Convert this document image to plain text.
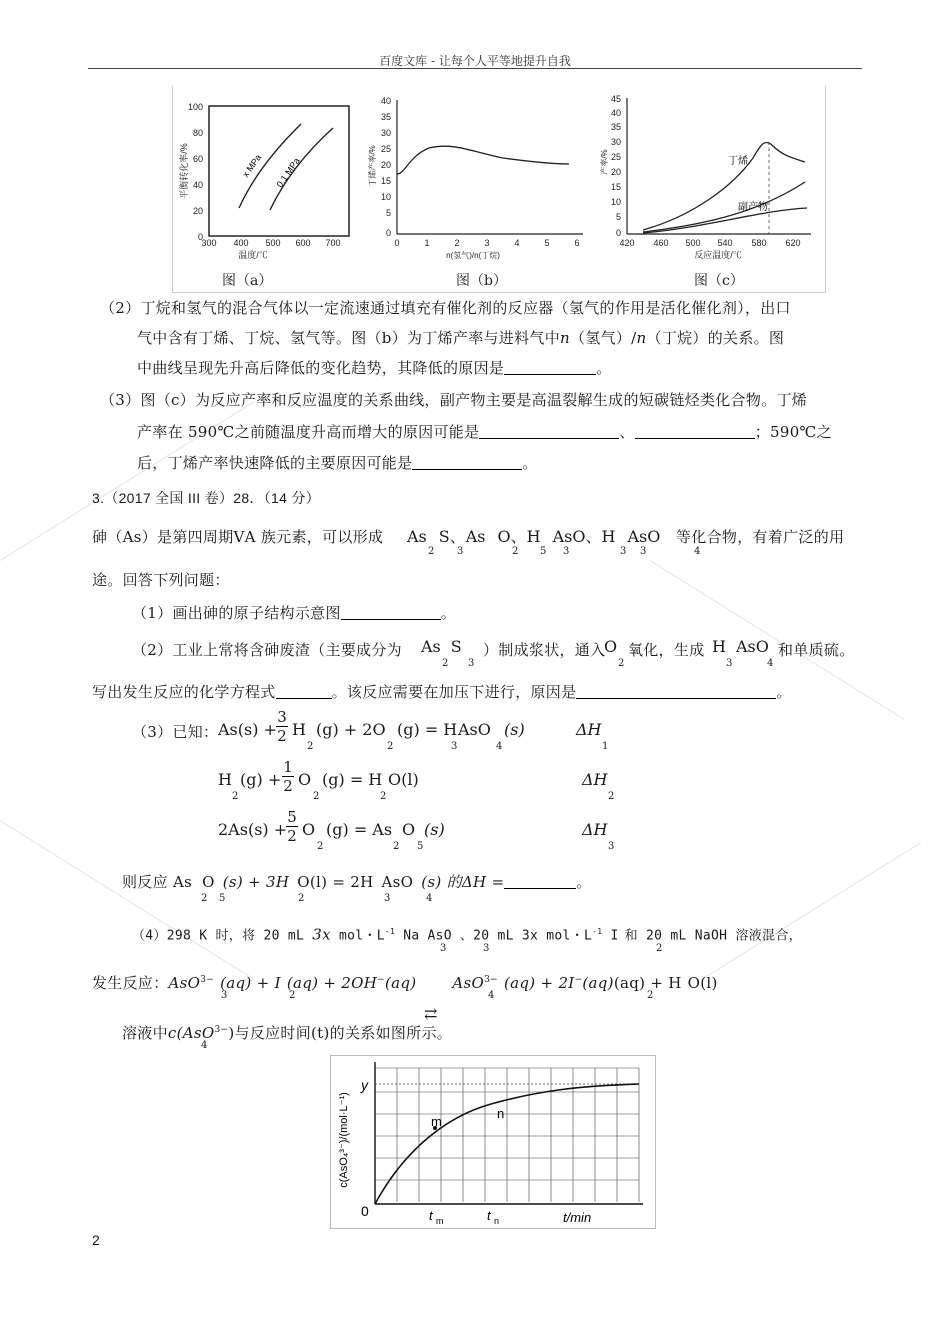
百度文库 - 让每个人平等地提升自我
100
80
60
40
20
0
300 400 500 600 700
温度/℃
平衡转化率/%	x MPa 0.1 MPa
40
35
30
25
20
15
10
5
0
0	1	2	3	4	5	6
n(氢气)/n(丁烷)
丁烯产率/%
45
40
35
30
25
20
15
10
5
0
420 460 500 540 580 620
反应温度/℃
产率/%	丁烯
副产物
图（a）	图（b）	图（c）
（2）丁烷和氢气的混合气体以一定流速通过填充有催化剂的反应器（氢气的作用是活化催化剂），出口
气中含有丁烯、丁烷、氢气等。图（b）为丁烯产率与进料气中n（氢气）/n（丁烷）的关系。图
中曲线呈现先升高后降低的变化趋势，其降低的原因是	。
（3）图（c）为反应产率和反应温度的关系曲线，副产物主要是高温裂解生成的短碳链烃类化合物。丁烯
产率在 590℃之前随温度升高而增大的原因可能是	、	；590℃之
后，丁烯产率快速降低的主要原因可能是	。
3.（2017 全国 III 卷）28．（14 分）
砷（As）是第四周期ⅤA 族元素，可以形成 As S、As O、H AsO、H AsO
2 3	2 5 3	3 3	4
等化合物，有着广泛的用
途。回答下列问题：
（1）画出砷的原子结构示意图	。
（2）工业上常将含砷废渣（主要成分为 As S
2 3
）制成浆状，通入
O
2
氧化，生成 H AsO
3	4
和单质硫。
写出发生反应的化学方程式	。该反应需要在加压下进行，原因是	。
（3）已知： As(s) +
3
2 H
2
(g) + 2O
2
(g) = H
3
AsO
4
(s)	ΔH
1
H
2
(g) +
1
2 O
2
(g) = H
2
O(l)	ΔH
2
2As(s) +
5
2 O
2
(g) = As
2
O
5
(s)	ΔH
3
则反应 As O (s) + 3H O(l) = 2H AsO (s) 的ΔH =	。
2 5	2	3	4
（4）298 K 时，将 20 mL 3x mol・$L^{-1}$ Na AsO 、20 mL 3x mol・$L^{-1}$ I 和 20 mL NaOH 溶液混合，
3	3	2
发生反应：AsO$^{3-}$ (aq) + I (aq) + 2OH−(aq) AsO$^{3-}$ (aq) + 2I−(aq)(aq) + H O(l)
3	2	4	2
溶液中c(AsO$^{3-}$)与反应时间(t)的关系如图所示。
4
⇄
m
n
y
0	t m	t n	t/min
c(AsO₄³⁻)/(mol·L⁻¹)
2
